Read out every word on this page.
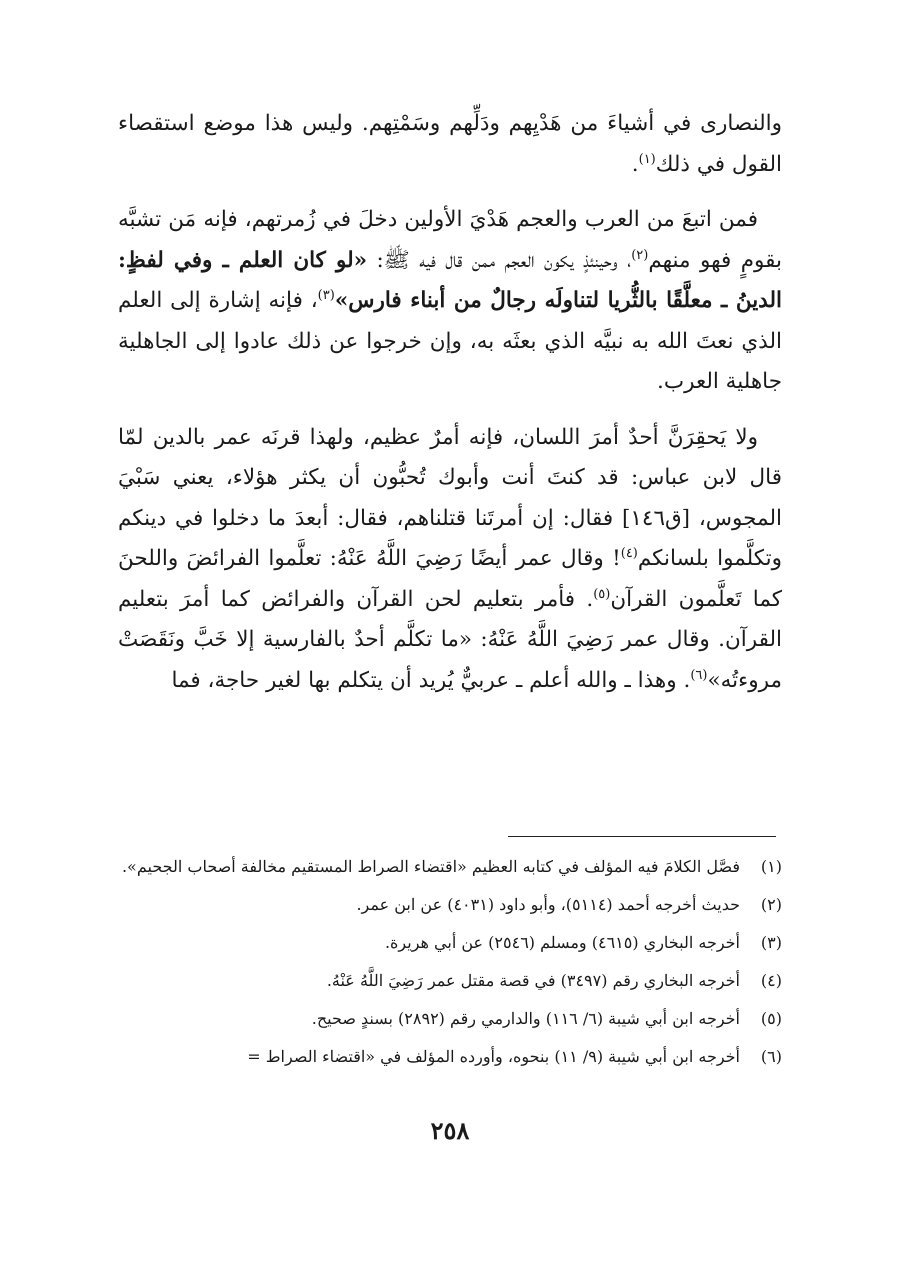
والنصارى في أشياءَ من هَدْيِهم ودَلِّهم وسَمْتِهم. وليس هذا موضع استقصاء القول في ذلك$^{(١)}$.

فمن اتبعَ من العرب والعجم هَدْيَ الأولين دخلَ في زُمرتهم، فإنه مَن تشبَّه بقومٍ فهو منهم$^{(٢)}$، وحينئذٍ يكون العجم ممن قال فيه ﷺ: «لو كان العلم ـ وفي لفظٍ: الدينُ ـ معلَّقًا بالثُّريا لتناولَه رجالٌ من أبناء فارس»$^{(٣)}$، فإنه إشارة إلى العلم الذي نعتَ الله به نبيَّه الذي بعثَه به، وإن خرجوا عن ذلك عادوا إلى الجاهلية جاهلية العرب.

ولا يَحقِرَنَّ أحدٌ أمرَ اللسان، فإنه أمرٌ عظيم، ولهذا قرنَه عمر بالدين لمّا قال لابن عباس: قد كنتَ أنت وأبوك تُحبُّون أن يكثر هؤلاء، يعني سَبْيَ المجوس، [ق١٤٦] فقال: إن أمرتَنا قتلناهم، فقال: أبعدَ ما دخلوا في دينكم وتكلَّموا بلسانكم$^{(٤)}$! وقال عمر أيضًا رَضِيَ اللَّهُ عَنْهُ: تعلَّموا الفرائضَ واللحنَ كما تَعلَّمون القرآن$^{(٥)}$. فأمر بتعليم لحن القرآن والفرائض كما أمرَ بتعليم القرآن. وقال عمر رَضِيَ اللَّهُ عَنْهُ: «ما تكلَّم أحدٌ بالفارسية إلا خَبَّ ونَقَصَتْ مروءتُه»$^{(٦)}$. وهذا ـ والله أعلم ـ عربيٌّ يُريد أن يتكلم بها لغير حاجة، فما

(١)
فصَّل الكلامَ فيه المؤلف في كتابه العظيم «اقتضاء الصراط المستقيم مخالفة أصحاب الجحيم».
(٢)
حديث أخرجه أحمد (٥١١٤)، وأبو داود (٤٠٣١) عن ابن عمر.
(٣)
أخرجه البخاري (٤٦١٥) ومسلم (٢٥٤٦) عن أبي هريرة.
(٤)
أخرجه البخاري رقم (٣٤٩٧) في قصة مقتل عمر رَضِيَ اللَّهُ عَنْهُ.
(٥)
أخرجه ابن أبي شيبة (٦/ ١١٦) والدارمي رقم (٢٨٩٢) بسندٍ صحيح.
(٦)
أخرجه ابن أبي شيبة (٩/ ١١) بنحوه، وأورده المؤلف في «اقتضاء الصراط =
٢٥٨
